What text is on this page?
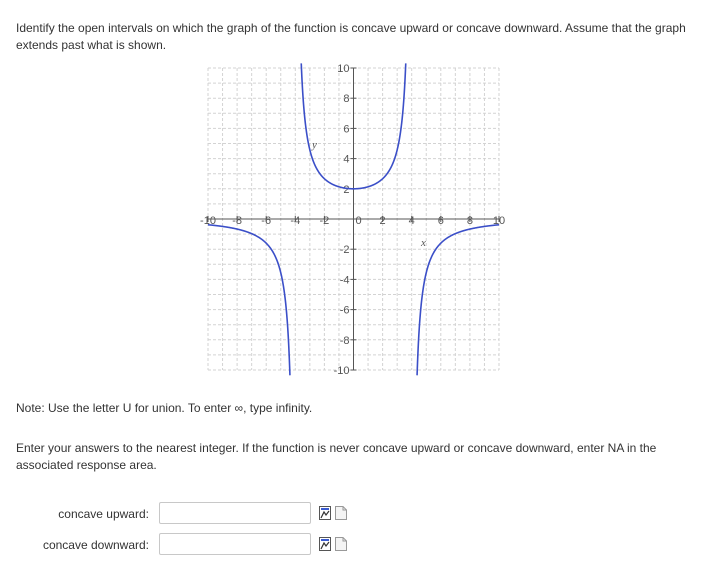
Identify the open intervals on which the graph of the function is concave upward or concave downward. Assume that the graph extends past what is shown.
-10 -8 -6 -4 -2 0 2 4 6 8 10
10
8
6
4
2
-2
-4
-6
-8
-10
y
x
Note: Use the letter U for union. To enter ∞, type infinity.
Enter your answers to the nearest integer. If the function is never concave upward or concave downward, enter NA in the associated response area.
concave upward:
concave downward:
